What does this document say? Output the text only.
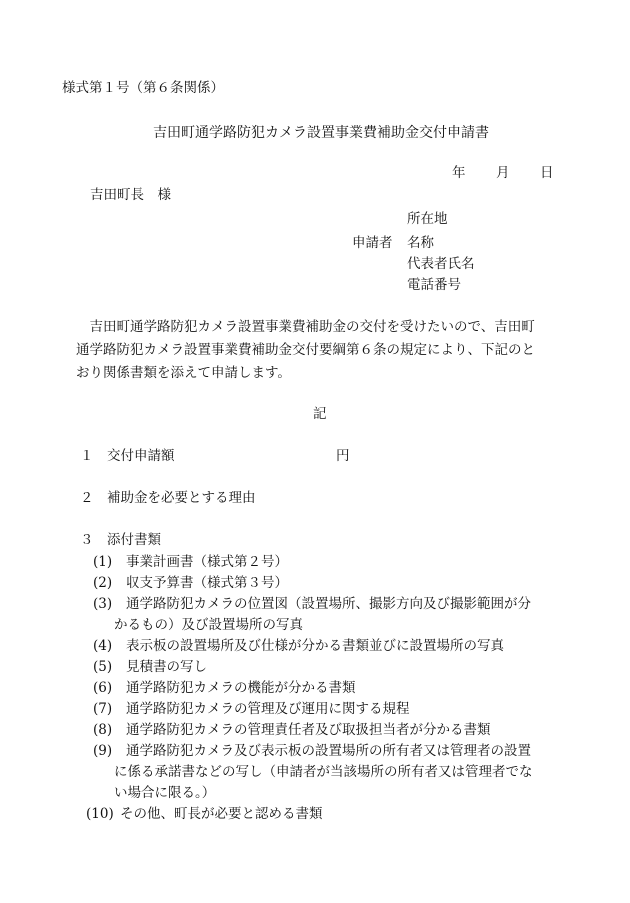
様式第１号（第６条関係）
吉田町通学路防犯カメラ設置事業費補助金交付申請書
年 月 日
吉田町長　様
所在地
申請者 名称
代表者氏名
電話番号
　吉田町通学路防犯カメラ設置事業費補助金の交付を受けたいので、吉田町
通学路防犯カメラ設置事業費補助金交付要綱第６条の規定により、下記のと
おり関係書類を添えて申請します。
記
１　交付申請額	円
２　補助金を必要とする理由
３　添付書類
(1) 事業計画書（様式第２号）
(2) 収支予算書（様式第３号）
(3) 通学路防犯カメラの位置図（設置場所、撮影方向及び撮影範囲が分
かるもの）及び設置場所の写真
(4) 表示板の設置場所及び仕様が分かる書類並びに設置場所の写真
(5) 見積書の写し
(6) 通学路防犯カメラの機能が分かる書類
(7) 通学路防犯カメラの管理及び運用に関する規程
(8) 通学路防犯カメラの管理責任者及び取扱担当者が分かる書類
(9) 通学路防犯カメラ及び表示板の設置場所の所有者又は管理者の設置
に係る承諾書などの写し（申請者が当該場所の所有者又は管理者でな
い場合に限る。）
(10) その他、町長が必要と認める書類
